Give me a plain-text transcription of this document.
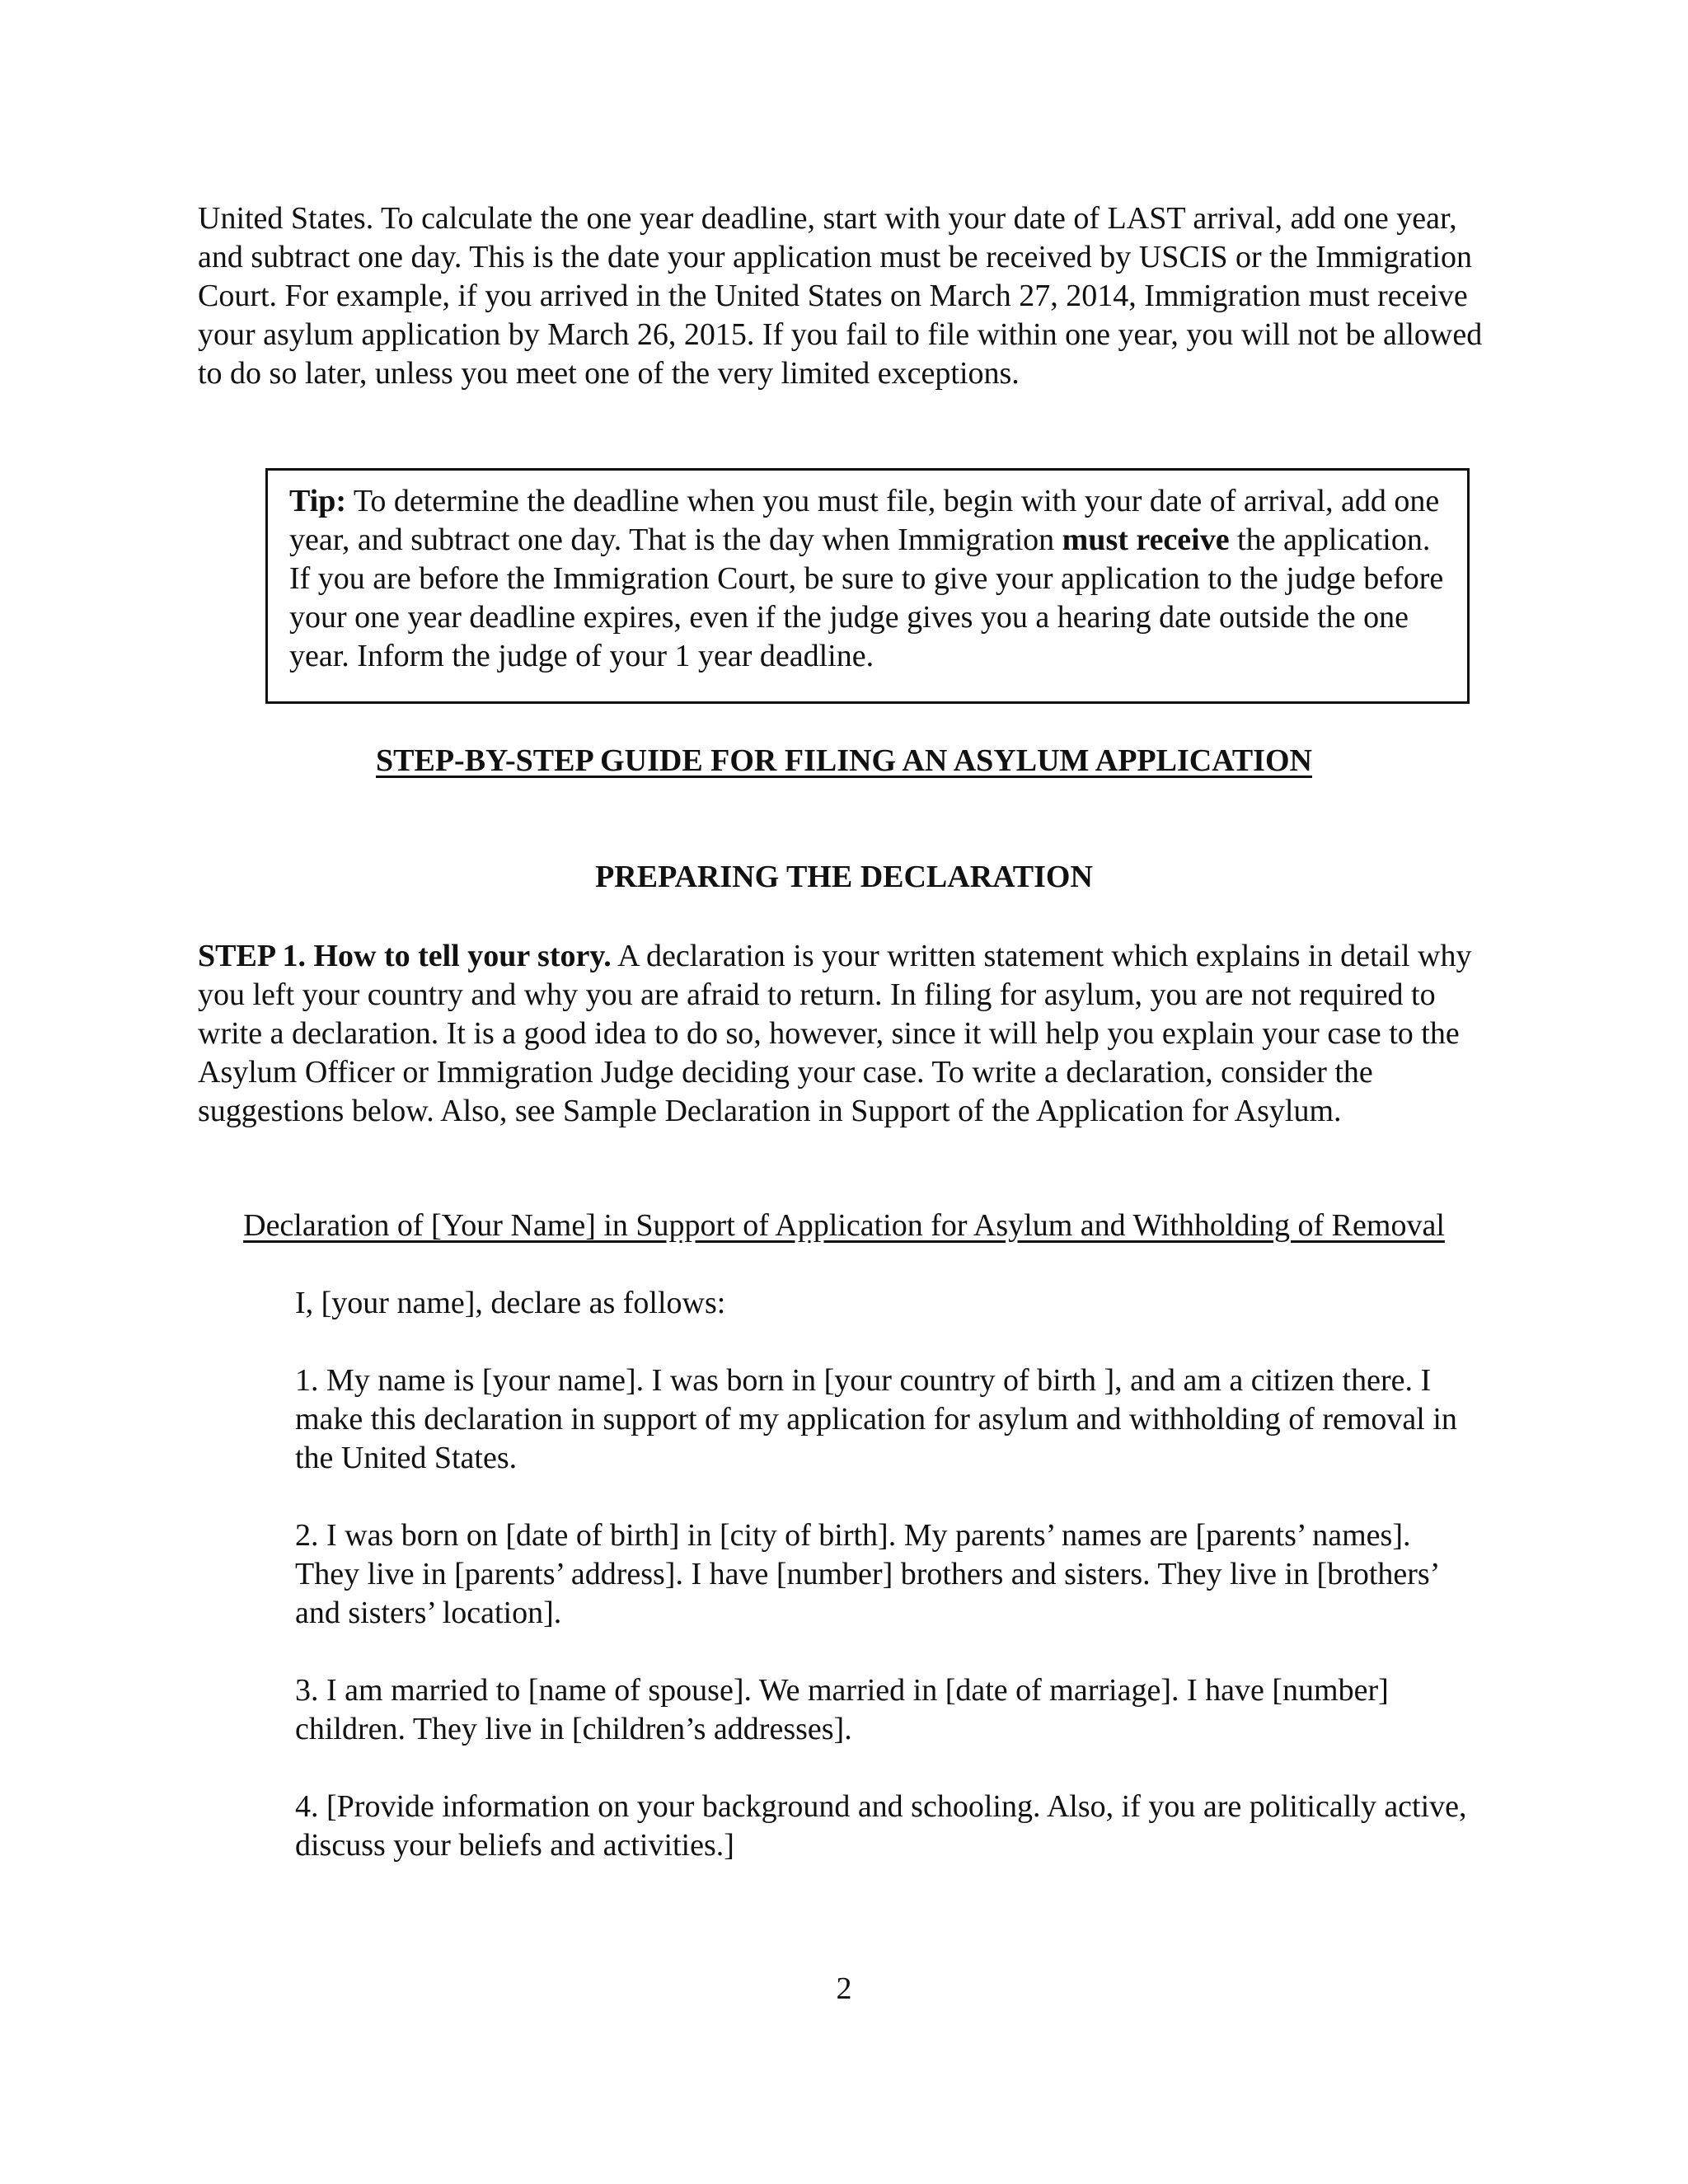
United States. To calculate the one year deadline, start with your date of LAST arrival, add one year, and subtract one day. This is the date your application must be received by USCIS or the Immigration Court. For example, if you arrived in the United States on March 27, 2014, Immigration must receive your asylum application by March 26, 2015. If you fail to file within one year, you will not be allowed to do so later, unless you meet one of the very limited exceptions.

Tip: To determine the deadline when you must file, begin with your date of arrival, add one year, and subtract one day. That is the day when Immigration must receive the application. If you are before the Immigration Court, be sure to give your application to the judge before your one year deadline expires, even if the judge gives you a hearing date outside the one year. Inform the judge of your 1 year deadline.

STEP-BY-STEP GUIDE FOR FILING AN ASYLUM APPLICATION

PREPARING THE DECLARATION

STEP 1. How to tell your story. A declaration is your written statement which explains in detail why you left your country and why you are afraid to return. In filing for asylum, you are not required to write a declaration. It is a good idea to do so, however, since it will help you explain your case to the Asylum Officer or Immigration Judge deciding your case. To write a declaration, consider the suggestions below. Also, see Sample Declaration in Support of the Application for Asylum.

Declaration of [Your Name] in Support of Application for Asylum and Withholding of Removal

I, [your name], declare as follows:

1. My name is [your name]. I was born in [your country of birth ], and am a citizen there. I make this declaration in support of my application for asylum and withholding of removal in the United States.

2. I was born on [date of birth] in [city of birth]. My parents’ names are [parents’ names]. They live in [parents’ address]. I have [number] brothers and sisters. They live in [brothers’ and sisters’ location].

3. I am married to [name of spouse]. We married in [date of marriage]. I have [number] children. They live in [children’s addresses].

4. [Provide information on your background and schooling. Also, if you are politically active, discuss your beliefs and activities.]

2
